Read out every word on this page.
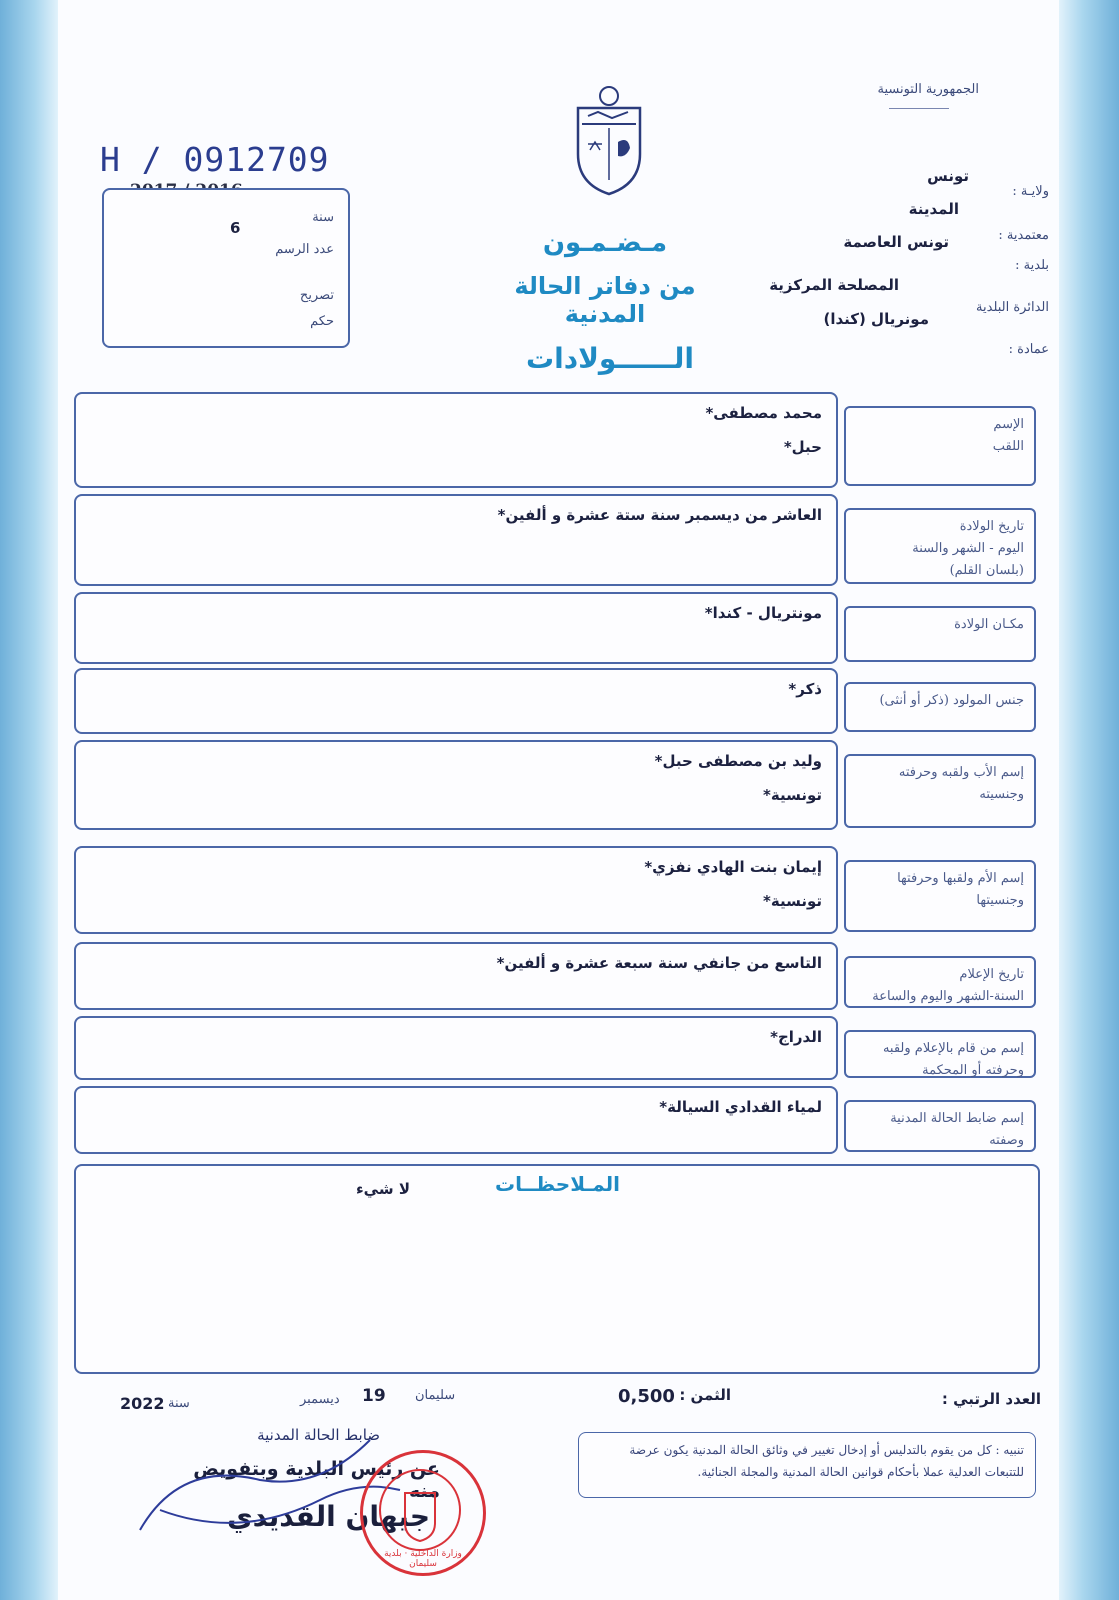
الجمهورية التونسية
H / 0912709
سنة
عدد الرسم
6
تصريح
حكم
مـضـمـون
من دفاتر الحالة المدنية
ولايـة :
تونس
المدينة
معتمدية :
تونس العاصمة
بلدية :
المصلحة المركزية
الدائرة البلدية
مونريال (كندا)
عمادة :
الــــــولادات
الإسم
اللقب
محمد مصطفى*
حبل*
تاريخ الولادة
اليوم - الشهر والسنة
(بلسان القلم)
العاشر من ديسمبر سنة ستة عشرة و ألفين*
مكـان الولادة
مونتريال - كندا*
جنس المولود (ذكر أو أنثى)
ذكر*
إسم الأب ولقبه وحرفته
وجنسيته
وليد بن مصطفى حبل*
تونسية*
إسم الأم ولقبها وحرفتها
وجنسيتها
إيمان بنت الهادي نفزي*
تونسية*
تاريخ الإعلام
السنة-الشهر واليوم والساعة
التاسع من جانفي سنة سبعة عشرة و ألفين*
إسم من قام بالإعلام ولقبه
وحرفته أو المحكمة
الدراج*
إسم ضابط الحالة المدنية
وصفته
لمياء القدادي السيالة*
المـلاحظــات
لا شيء
العدد الرتبي :
الثمن :
0,500
سليمان
19
ديسمبر
سنة
2022
تنبيه : كل من يقوم بالتدليس أو إدخال تغيير في وثائق الحالة المدنية يكون عرضة للتتبعات العدلية عملا بأحكام قوانين الحالة المدنية والمجلة الجنائية.
ضابط الحالة المدنية
عن رئيس البلدية وبتفويض منه
جيهان القديدي
وزارة الداخلية · بلدية سليمان
